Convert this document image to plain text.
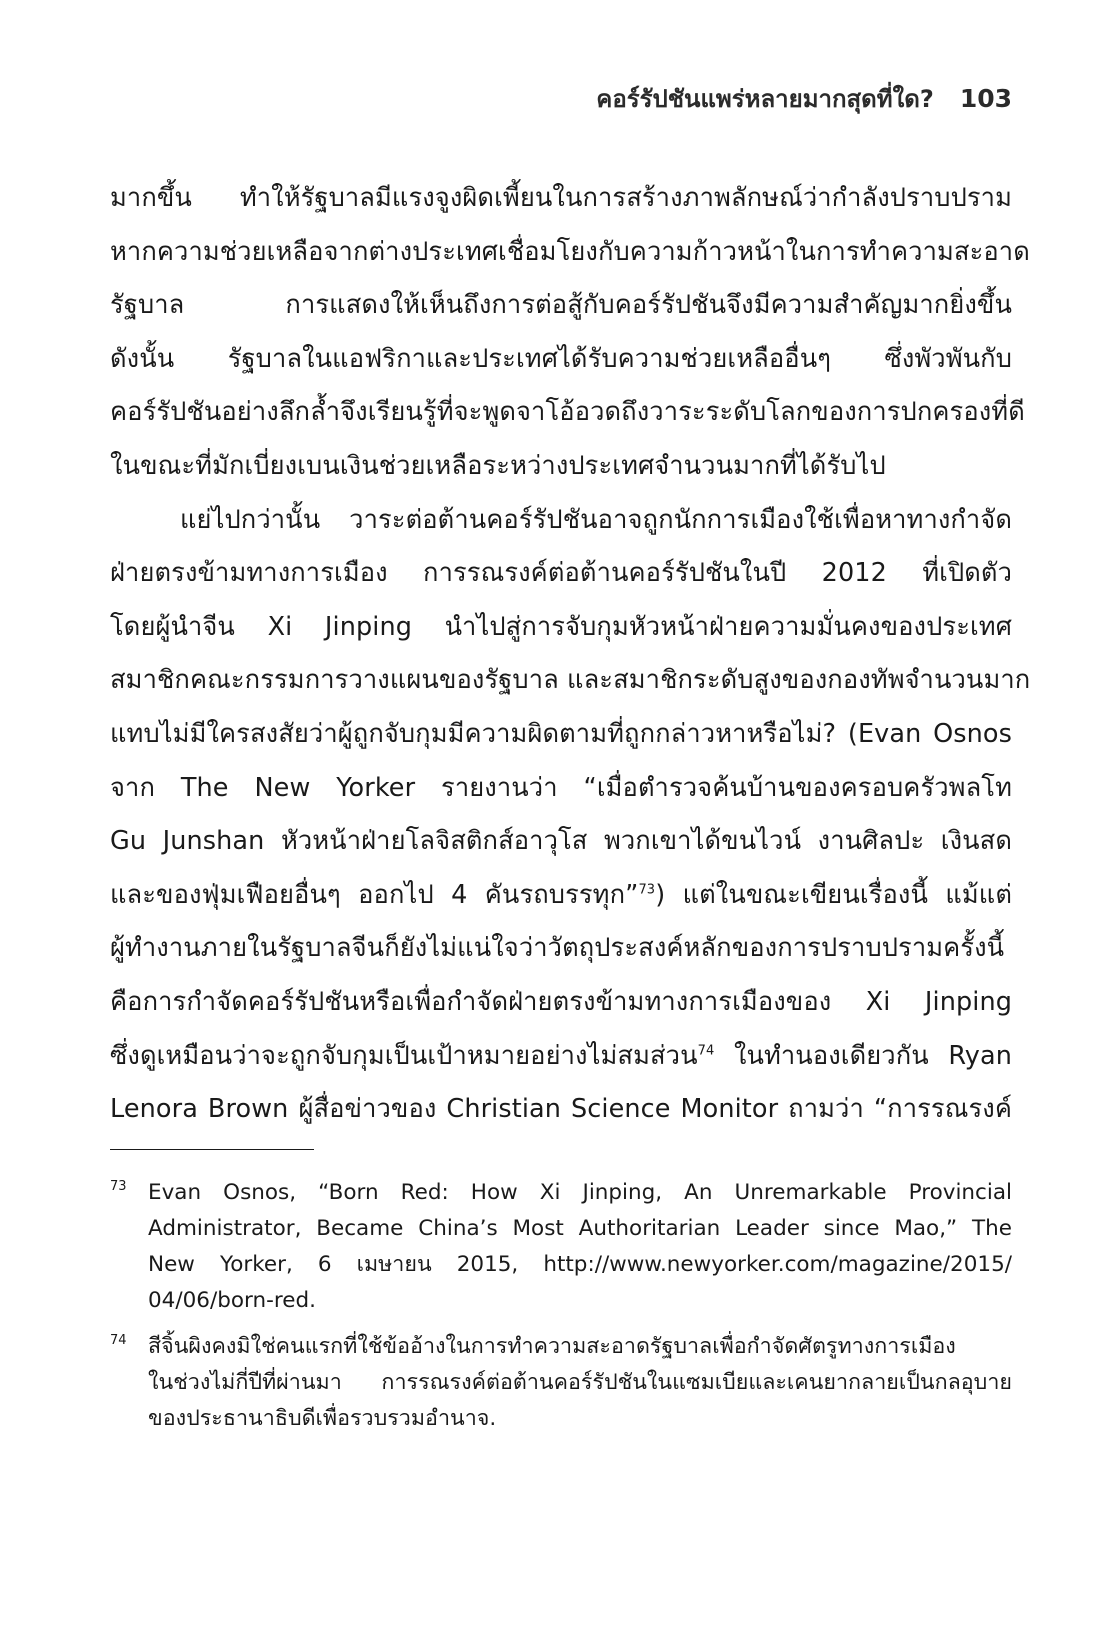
คอร์รัปชันแพร่หลายมากสุดที่ใด? 103
มากขึ้น ทำให้รัฐบาลมีแรงจูงผิดเพี้ยนในการสร้างภาพลักษณ์ว่ากำลังปราบปราม
หากความช่วยเหลือจากต่างประเทศเชื่อมโยงกับความก้าวหน้าในการทำความสะอาด
รัฐบาล การแสดงให้เห็นถึงการต่อสู้กับคอร์รัปชันจึงมีความสำคัญมากยิ่งขึ้น
ดังนั้น รัฐบาลในแอฟริกาและประเทศได้รับความช่วยเหลืออื่นๆ ซึ่งพัวพันกับ
คอร์รัปชันอย่างลึกล้ำจึงเรียนรู้ที่จะพูดจาโอ้อวดถึงวาระระดับโลกของการปกครองที่ดี
ในขณะที่มักเบี่ยงเบนเงินช่วยเหลือระหว่างประเทศจำนวนมากที่ได้รับไป
แย่ไปกว่านั้น วาระต่อต้านคอร์รัปชันอาจถูกนักการเมืองใช้เพื่อหาทางกำจัด
ฝ่ายตรงข้ามทางการเมือง การรณรงค์ต่อต้านคอร์รัปชันในปี 2012 ที่เปิดตัว
โดยผู้นำจีน Xi Jinping นำไปสู่การจับกุมหัวหน้าฝ่ายความมั่นคงของประเทศ
สมาชิกคณะกรรมการวางแผนของรัฐบาล และสมาชิกระดับสูงของกองทัพจำนวนมาก
แทบไม่มีใครสงสัยว่าผู้ถูกจับกุมมีความผิดตามที่ถูกกล่าวหาหรือไม่? (Evan Osnos
จาก The New Yorker รายงานว่า “เมื่อตำรวจค้นบ้านของครอบครัวพลโท
Gu Junshan หัวหน้าฝ่ายโลจิสติกส์อาวุโส พวกเขาได้ขนไวน์ งานศิลปะ เงินสด
และของฟุ่มเฟือยอื่นๆ ออกไป 4 คันรถบรรทุก”$^{73}$) แต่ในขณะเขียนเรื่องนี้ แม้แต่
ผู้ทำงานภายในรัฐบาลจีนก็ยังไม่แน่ใจว่าวัตถุประสงค์หลักของการปราบปรามครั้งนี้
คือการกำจัดคอร์รัปชันหรือเพื่อกำจัดฝ่ายตรงข้ามทางการเมืองของ Xi Jinping
ซึ่งดูเหมือนว่าจะถูกจับกุมเป็นเป้าหมายอย่างไม่สมส่วน$^{74}$ ในทำนองเดียวกัน Ryan
Lenora Brown ผู้สื่อข่าวของ Christian Science Monitor ถามว่า “การรณรงค์
73 Evan Osnos, “Born Red: How Xi Jinping, An Unremarkable Provincial
Administrator, Became China’s Most Authoritarian Leader since Mao,” The
New Yorker, 6 เมษายน 2015, http://www.newyorker.com/magazine/2015/
04/06/born-red.
74 สีจิ้นผิงคงมิใช่คนแรกที่ใช้ข้ออ้างในการทำความสะอาดรัฐบาลเพื่อกำจัดศัตรูทางการเมือง
ในช่วงไม่กี่ปีที่ผ่านมา การรณรงค์ต่อต้านคอร์รัปชันในแซมเบียและเคนยากลายเป็นกลอุบาย
ของประธานาธิบดีเพื่อรวบรวมอำนาจ.
